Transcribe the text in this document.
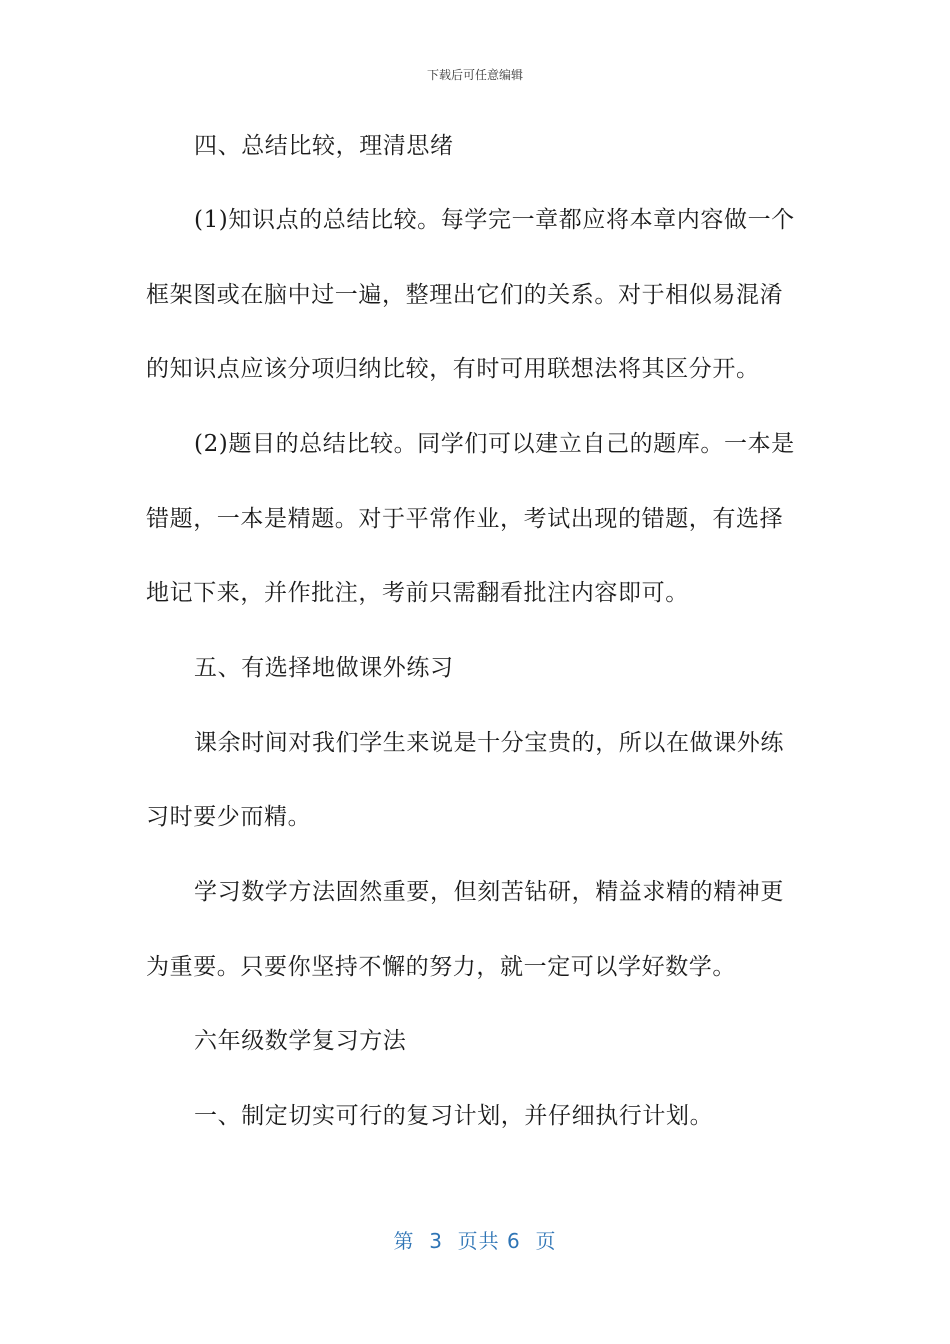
下载后可任意编辑
四、总结比较，理清思绪
(1)知识点的总结比较。每学完一章都应将本章内容做一个
框架图或在脑中过一遍，整理出它们的关系。对于相似易混淆
的知识点应该分项归纳比较，有时可用联想法将其区分开。
(2)题目的总结比较。同学们可以建立自己的题库。一本是
错题，一本是精题。对于平常作业，考试出现的错题，有选择
地记下来，并作批注，考前只需翻看批注内容即可。
五、有选择地做课外练习
课余时间对我们学生来说是十分宝贵的，所以在做课外练
习时要少而精。
学习数学方法固然重要，但刻苦钻研，精益求精的精神更
为重要。只要你坚持不懈的努力，就一定可以学好数学。
六年级数学复习方法
一、制定切实可行的复习计划，并仔细执行计划。
第  3  页共 6  页
